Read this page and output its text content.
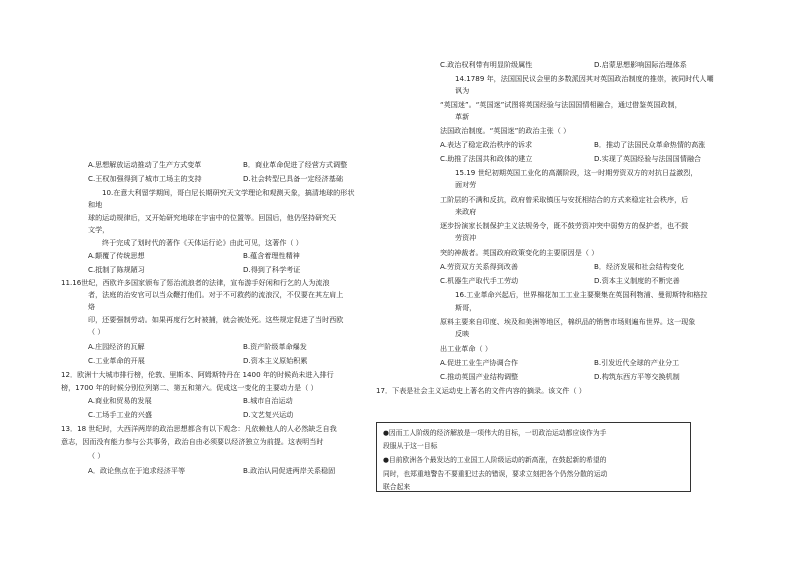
A.思想解放运动推动了生产方式变革	B．商业革命促进了经营方式调整
C.王权加强得到了城市工场主的支持	D.社会转型已具备一定经济基础
10.在意大利留学期间，哥白尼长期研究天文学理论和观测天象，搞清地球的形状
和地
球的运动规律后，又开始研究地球在宇宙中的位置等。回国后，他仍坚持研究天
文学，
终于完成了划时代的著作《天体运行论》由此可见，这著作（ ）
A.颠覆了传统思想	B.蕴含着理性精神
C.抵制了陈规陋习	D.得到了科学考证
11.16世纪，西欧许多国家颁布了惩治流浪者的法律，宣布游手好闲和行乞的人为流浪
者，法庭的治安官可以当众鞭打他们。对于不可救药的流浪汉，不仅要在其左肩上
烙
印，还要强制劳动。如果再度行乞时被捕，就会被处死。这些规定促进了当时西欧
（ ）
A.庄园经济的瓦解	B.资产阶级革命爆发
C.工业革命的开展	D.资本主义原始积累
12．欧洲十大城市排行榜，伦敦、里斯本、阿姆斯特丹在 1400 年的时候尚未进入排行
榜，1700 年的时候分别位列第二、第五和第六。促成这一变化的主要动力是（ ）
A.商业和贸易的发展	B.城市自治运动
C.工场手工业的兴盛	D.文艺复兴运动
13．18 世纪时，大西洋两岸的政治思想都含有以下观念：凡依赖他人的人必然缺乏自我
意志，因而没有能力参与公共事务，政治自由必须要以经济独立为前提。这表明当时
（ ）
A．政论焦点在于追求经济平等	B.政治认同促进两岸关系稳固
C.政治权利带有明显阶级属性	D.启蒙思想影响国际治理体系
14.1789 年，法国国民议会里的多数派因其对英国政治制度的推崇，被同时代人嘲
讽为
“英国迷”。“英国迷”试图将英国经验与法国国情相融合，通过借鉴英国政制，
革新
法国政治制度。“英国迷”的政治主张（ ）
A.表达了稳定政治秩序的诉求	B．推动了法国民众革命热情的高涨
C.助推了法国共和政体的建立	D.实现了英国经验与法国国情融合
15.19 世纪初期英国工业化的高潮阶段，这一时期劳资双方的对抗日益激烈，
面对劳
工阶层的不满和反抗，政府曾采取镇压与安抚相结合的方式来稳定社会秩序，后
来政府
逐步扮演家长制保护主义法规务令，既不鼓劳资冲突中弱势方的保护者，也不鼓
劳资冲
突的神裁者。英国政府政策变化的主要原因是（ ）
A.劳资双方关系得到改善	B．经济发展和社会结构变化
C.机器生产取代手工劳动	D.资本主义制度的不断完善
16.工业革命兴起后，世界棉花加工工业主要聚集在英国利物浦、曼彻斯特和格拉
斯哥，
原料主要来自印度、埃及和美洲等地区，棉织品的销售市场则遍布世界。这一现象
反映
出工业革命（ ）
A.促进工业生产协调合作	B.引发近代全球的产业分工
C.推动英国产业结构调整	D.构筑东西方平等交换机制
17．下表是社会主义运动史上著名的文件内容的摘录。该文件（ ）
●因而工人阶级的经济解放是一项伟大的目标，一切政治运动都应该作为手
段服从于这一目标
●目前欧洲各个最发达的工业国工人阶级运动的新高涨，在鼓起新的希望的
同时，也郑重地警告不要重犯过去的错误，要求立刻把各个仍然分散的运动
联合起来
